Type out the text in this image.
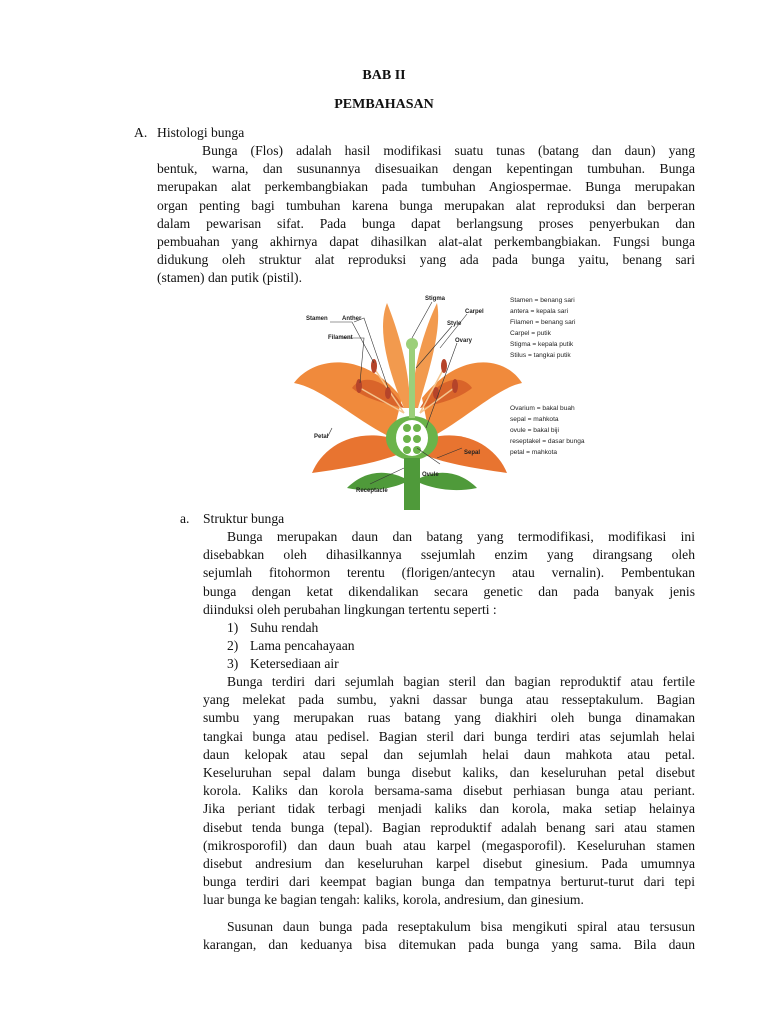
BAB II
PEMBAHASAN
A. Histologi bunga
Bunga (Flos) adalah hasil modifikasi suatu tunas (batang dan daun) yang
bentuk, warna, dan susunannya disesuaikan dengan kepentingan tumbuhan. Bunga
merupakan alat perkembangbiakan pada tumbuhan Angiospermae. Bunga merupakan
organ penting bagi tumbuhan karena bunga merupakan alat reproduksi dan berperan
dalam pewarisan sifat. Pada bunga dapat berlangsung proses penyerbukan dan
pembuahan yang akhirnya dapat dihasilkan alat-alat perkembangbiakan. Fungsi bunga
didukung oleh struktur alat reproduksi yang ada pada bunga yaitu, benang sari
(stamen) dan putik (pistil).
Stamen Anther
Filament
Stigma
Style
Carpel
Ovary
Petal
Sepal
Ovule
Receptacle
Stamen = benang sari
antera = kepala sari
Filamen = benang sari
Carpel = putik
Stigma = kepala putik
Stilus = tangkai putik
Ovarium = bakal buah
sepal = mahkota
ovule = bakal biji
reseptakel = dasar bunga
petal = mahkota
a. Struktur bunga
Bunga merupakan daun dan batang yang termodifikasi, modifikasi ini
disebabkan oleh dihasilkannya ssejumlah enzim yang dirangsang oleh
sejumlah fitohormon terentu (florigen/antecyn atau vernalin). Pembentukan
bunga dengan ketat dikendalikan secara genetic dan pada banyak jenis
diinduksi oleh perubahan lingkungan tertentu seperti :
1) Suhu rendah
2) Lama pencahayaan
3) Ketersediaan air
Bunga terdiri dari sejumlah bagian steril dan bagian reproduktif atau fertile
yang melekat pada sumbu, yakni dassar bunga atau resseptakulum. Bagian
sumbu yang merupakan ruas batang yang diakhiri oleh bunga dinamakan
tangkai bunga atau pedisel. Bagian steril dari bunga terdiri atas sejumlah helai
daun kelopak atau sepal dan sejumlah helai daun mahkota atau petal.
Keseluruhan sepal dalam bunga disebut kaliks, dan keseluruhan petal disebut
korola. Kaliks dan korola bersama-sama disebut perhiasan bunga atau periant.
Jika periant tidak terbagi menjadi kaliks dan korola, maka setiap helainya
disebut tenda bunga (tepal). Bagian reproduktif adalah benang sari atau stamen
(mikrosporofil) dan daun buah atau karpel (megasporofil). Keseluruhan stamen
disebut andresium dan keseluruhan karpel disebut ginesium. Pada umumnya
bunga terdiri dari keempat bagian bunga dan tempatnya berturut-turut dari tepi
luar bunga ke bagian tengah: kaliks, korola, andresium, dan ginesium.
Susunan daun bunga pada reseptakulum bisa mengikuti spiral atau tersusun
karangan, dan keduanya bisa ditemukan pada bunga yang sama. Bila daun
